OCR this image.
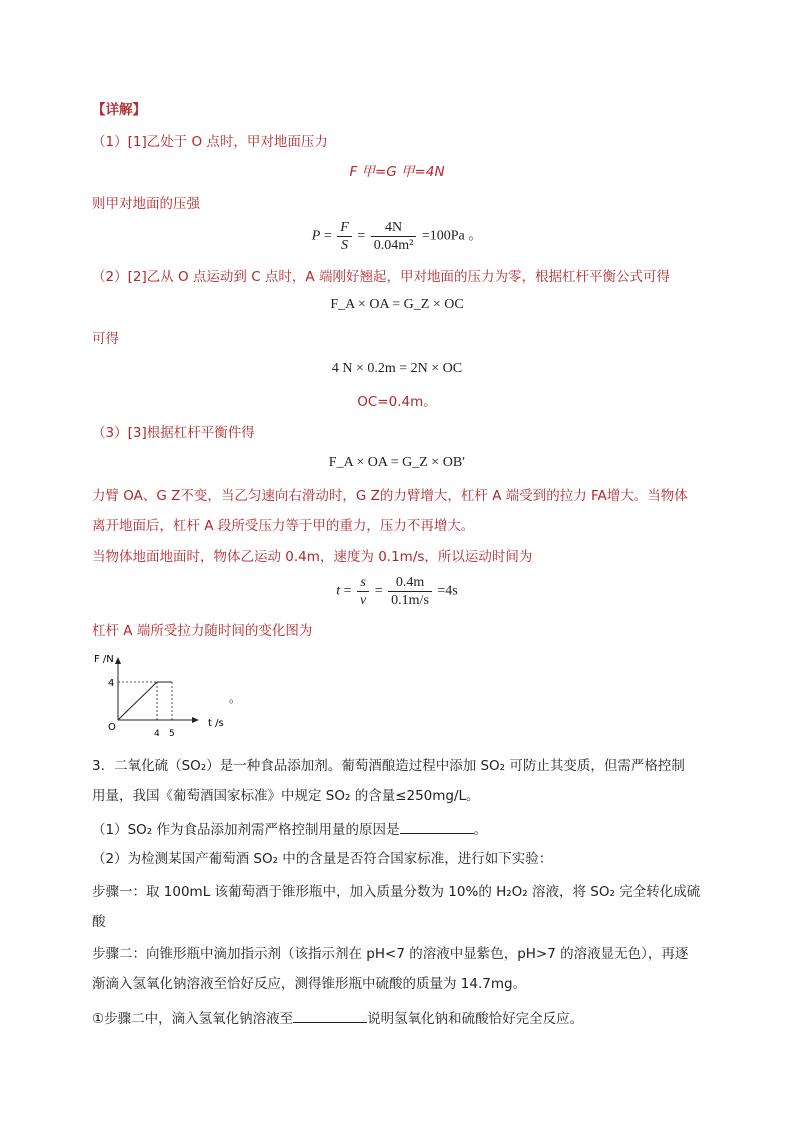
【详解】
（1）[1]乙处于 O 点时，甲对地面压力
F 甲=G 甲=4N
则甲对地面的压强
$P = \frac{F}{S} = \frac{4N}{\text{0.04m²}} =100Pa$ 。
（2）[2]乙从 O 点运动到 C 点时，A 端刚好翘起，甲对地面的压力为零，根据杠杆平衡公式可得
F_A × OA = G_Z × OC
可得
4 N × 0.2m = 2N × OC
OC=0.4m。
（3）[3]根据杠杆平衡件得
F_A × OA = G_Z × OB′
力臂 OA、G Z不变，当乙匀速向右滑动时，G Z的力臂增大，杠杆 A 端受到的拉力 FA增大。当物体
离开地面后，杠杆 A 段所受压力等于甲的重力，压力不再增大。
当物体地面地面时，物体乙运动 0.4m，速度为 0.1m/s，所以运动时间为
$t = \frac{s}{v} = \frac{0.4m}{0.1m/s} =4s$
杠杆 A 端所受拉力随时间的变化图为
F /N
4
O
4 5
t /s
。
3．二氧化硫（SO₂）是一种食品添加剂。葡萄酒酿造过程中添加 SO₂ 可防止其变质，但需严格控制
用量，我国《葡萄酒国家标准》中规定 SO₂ 的含量≤250mg/L。
（1）SO₂ 作为食品添加剂需严格控制用量的原因是	。
（2）为检测某国产葡萄酒 SO₂ 中的含量是否符合国家标准，进行如下实验：
步骤一：取 100mL 该葡萄酒于锥形瓶中，加入质量分数为 10%的 H₂O₂ 溶液，将 SO₂ 完全转化成硫
酸
步骤二：向锥形瓶中滴加指示剂（该指示剂在 pH<7 的溶液中显紫色，pH>7 的溶液显无色），再逐
渐滴入氢氧化钠溶液至恰好反应，测得锥形瓶中硫酸的质量为 14.7mg。
①步骤二中，滴入氢氧化钠溶液至	说明氢氧化钠和硫酸恰好完全反应。
